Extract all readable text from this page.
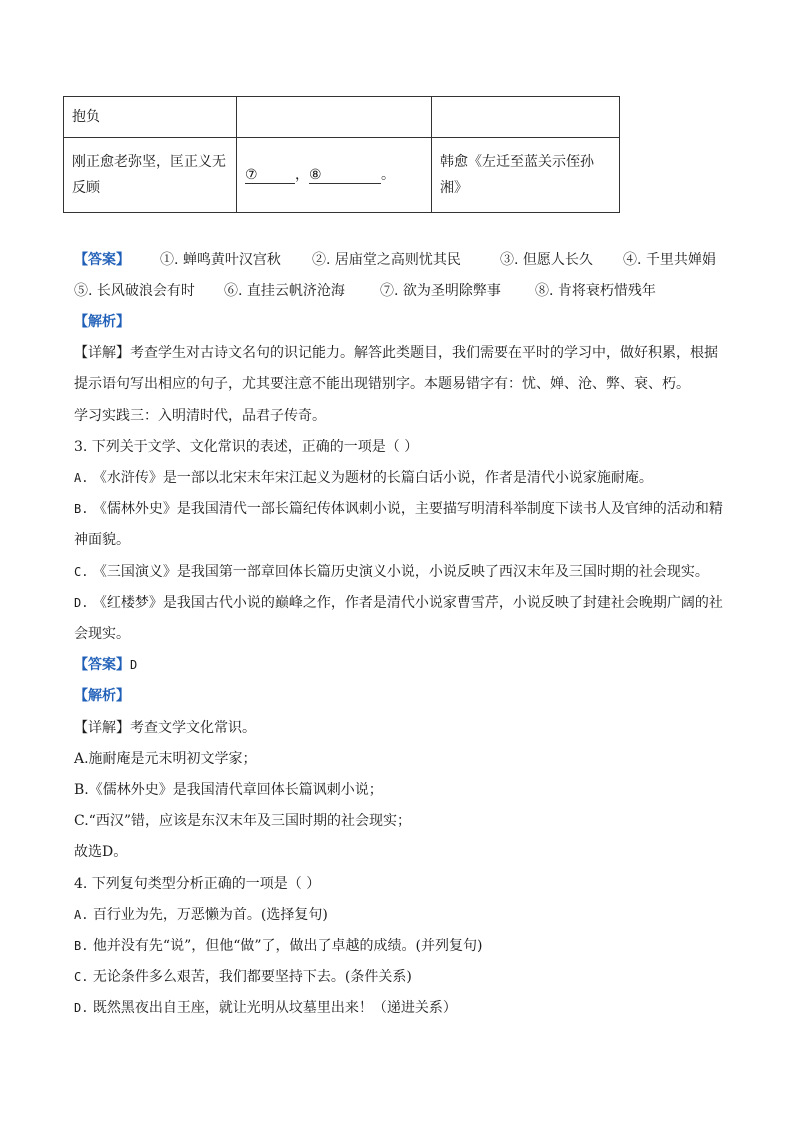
抱负		

刚正愈老弥坚，匡正义无
反顾	⑦ ，⑧ 。	韩愈《左迁至蓝关示侄孙湘》
【答案】 ①. 蝉鸣黄叶汉宫秋 ②. 居庙堂之高则忧其民	③. 但愿人长久 ④. 千里共婵娟
⑤. 长风破浪会有时 ⑥. 直挂云帆济沧海	⑦. 欲为圣明除弊事 ⑧. 肯将衰朽惜残年
【解析】
【详解】考查学生对古诗文名句的识记能力。解答此类题目，我们需要在平时的学习中，做好积累，根据
提示语句写出相应的句子，尤其要注意不能出现错别字。本题易错字有：忧、婵、沧、弊、衰、朽。
学习实践三：入明清时代，品君子传奇。
3. 下列关于文学、文化常识的表述，正确的一项是（ ）
A. 《水浒传》是一部以北宋末年宋江起义为题材的长篇白话小说，作者是清代小说家施耐庵。
B. 《儒林外史》是我国清代一部长篇纪传体讽刺小说，主要描写明清科举制度下读书人及官绅的活动和精
神面貌。
C. 《三国演义》是我国第一部章回体长篇历史演义小说，小说反映了西汉末年及三国时期的社会现实。
D. 《红楼梦》是我国古代小说的巅峰之作，作者是清代小说家曹雪芹，小说反映了封建社会晚期广阔的社
会现实。
【答案】D
【解析】
【详解】考查文学文化常识。
A.施耐庵是元末明初文学家；
B.《儒林外史》是我国清代章回体长篇讽刺小说；
C.“西汉”错，应该是东汉末年及三国时期的社会现实；
故选D。
4. 下列复句类型分析正确的一项是（ ）
A. 百行业为先，万恶懒为首。(选择复句)
B. 他并没有先“说”，但他“做”了，做出了卓越的成绩。(并列复句)
C. 无论条件多么艰苦，我们都要坚持下去。(条件关系)
D. 既然黑夜出自王座，就让光明从坟墓里出来！（递进关系）
